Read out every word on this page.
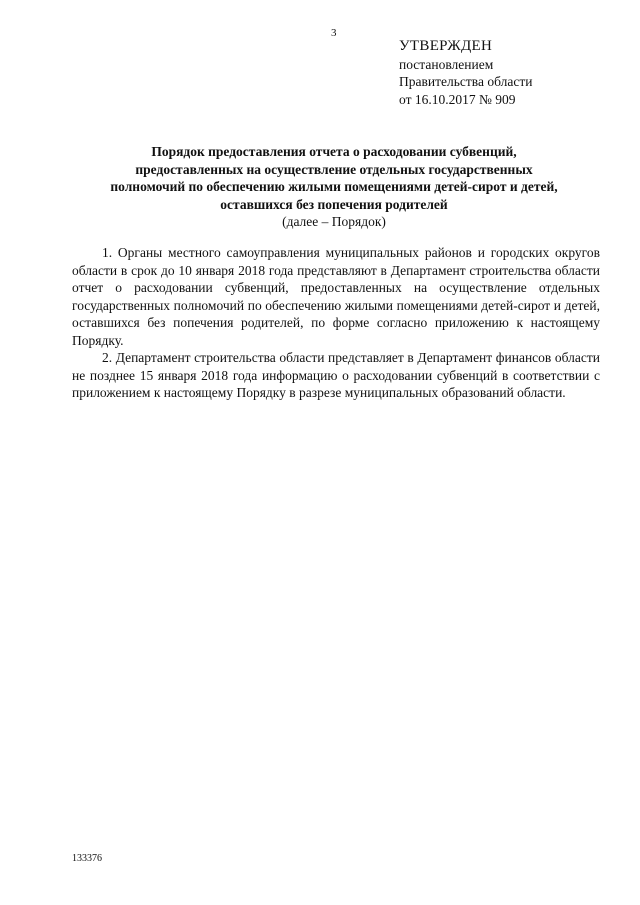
3
УТВЕРЖДЕН
постановлением
Правительства области
от 16.10.2017 № 909
Порядок предоставления отчета о расходовании субвенций,
предоставленных на осуществление отдельных государственных
полномочий по обеспечению жилыми помещениями детей-сирот и детей,
оставшихся без попечения родителей
(далее – Порядок)

1. Органы местного самоуправления муниципальных районов и городских округов области в срок до 10 января 2018 года представляют в Департамент строительства области отчет о расходовании субвенций, предоставленных на осуществление отдельных государственных полномочий по обеспечению жилыми помещениями детей-сирот и детей, оставшихся без попечения родителей, по форме согласно приложению к настоящему Порядку.

2. Департамент строительства области представляет в Департамент финансов области не позднее 15 января 2018 года информацию о расходовании субвенций в соответствии с приложением к настоящему Порядку в разрезе муниципальных образований области.

133376
